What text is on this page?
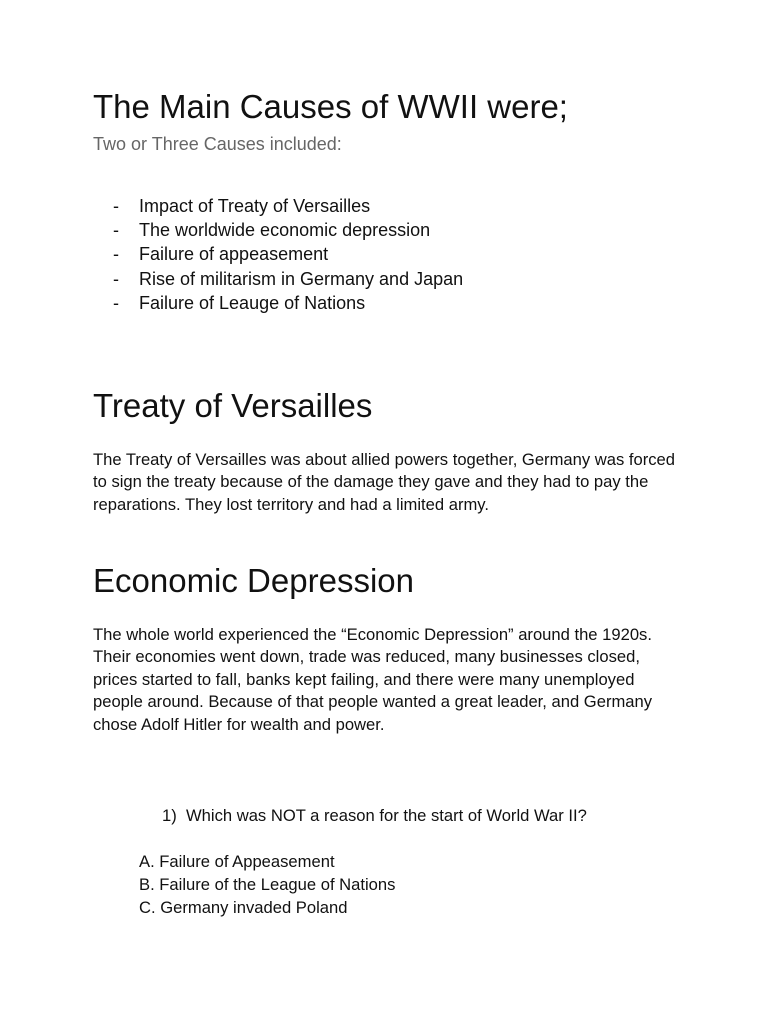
The Main Causes of WWII were;

Two or Three Causes included:

- Impact of Treaty of Versailles
- The worldwide economic depression
- Failure of appeasement
- Rise of militarism in Germany and Japan
- Failure of Leauge of Nations
Treaty of Versailles

The Treaty of Versailles was about allied powers together, Germany was forced to sign the treaty because of the damage they gave and they had to pay the reparations. They lost territory and had a limited army.

Economic Depression

The whole world experienced the “Economic Depression” around the 1920s. Their economies went down, trade was reduced, many businesses closed, prices started to fall, banks kept failing, and there were many unemployed people around. Because of that people wanted a great leader, and Germany chose Adolf Hitler for wealth and power.

1) Which was NOT a reason for the start of World War II?
A. Failure of Appeasement
B. Failure of the League of Nations
C. Germany invaded Poland
